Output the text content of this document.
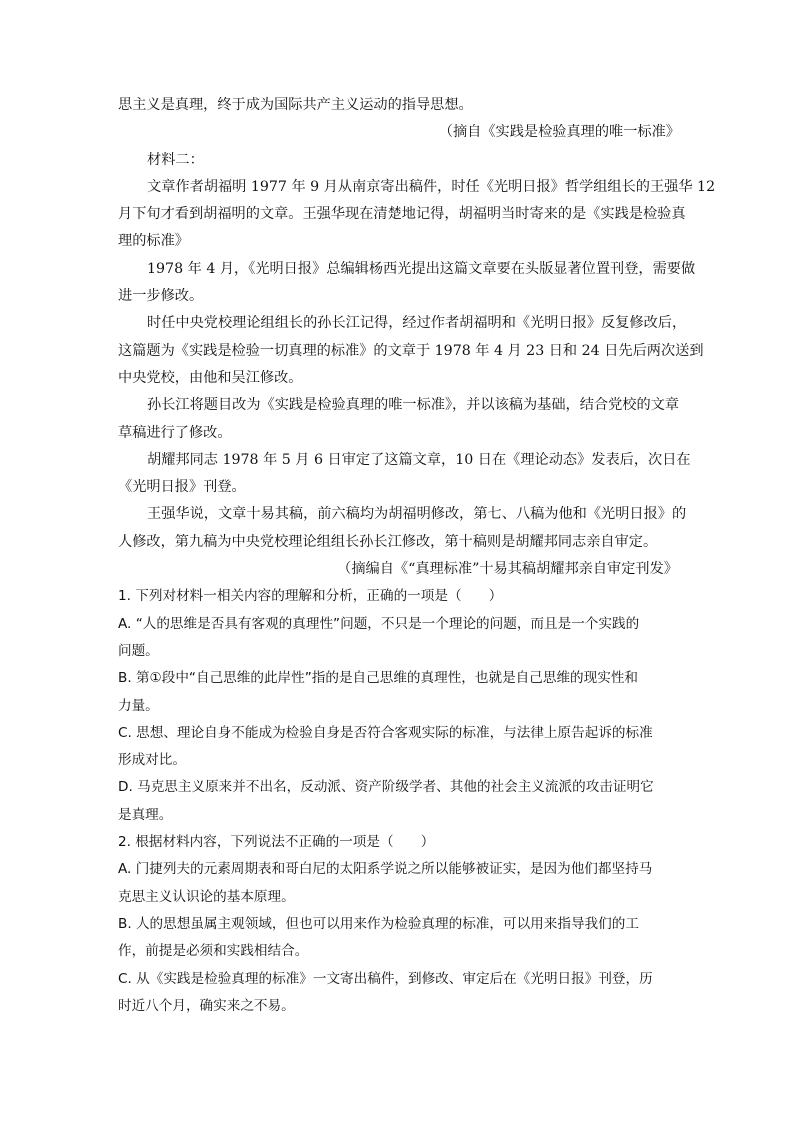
思主义是真理，终于成为国际共产主义运动的指导思想。
（摘自《实践是检验真理的唯一标准》
材料二：
文章作者胡福明 1977 年 9 月从南京寄出稿件，时任《光明日报》哲学组组长的王强华 12
月下旬才看到胡福明的文章。王强华现在清楚地记得，胡福明当时寄来的是《实践是检验真
理的标准》
1978 年 4 月，《光明日报》总编辑杨西光提出这篇文章要在头版显著位置刊登，需要做
进一步修改。
时任中央党校理论组组长的孙长江记得，经过作者胡福明和《光明日报》反复修改后，
这篇题为《实践是检验一切真理的标准》的文章于 1978 年 4 月 23 日和 24 日先后两次送到
中央党校，由他和吴江修改。
孙长江将题目改为《实践是检验真理的唯一标准》，并以该稿为基础，结合党校的文章
草稿进行了修改。
胡耀邦同志 1978 年 5 月 6 日审定了这篇文章，10 日在《理论动态》发表后，次日在
《光明日报》刊登。
王强华说，文章十易其稿，前六稿均为胡福明修改，第七、八稿为他和《光明日报》的
人修改，第九稿为中央党校理论组组长孙长江修改，第十稿则是胡耀邦同志亲自审定。
（摘编自《“真理标准”十易其稿胡耀邦亲自审定刊发》
1. 下列对材料一相关内容的理解和分析，正确的一项是（　　）
A. “人的思维是否具有客观的真理性”问题，不只是一个理论的问题，而且是一个实践的
问题。
B. 第①段中“自己思维的此岸性”指的是自己思维的真理性，也就是自己思维的现实性和
力量。
C. 思想、理论自身不能成为检验自身是否符合客观实际的标准，与法律上原告起诉的标准
形成对比。
D. 马克思主义原来并不出名，反动派、资产阶级学者、其他的社会主义流派的攻击证明它
是真理。
2. 根据材料内容，下列说法不正确的一项是（　　）
A. 门捷列夫的元素周期表和哥白尼的太阳系学说之所以能够被证实，是因为他们都坚持马
克思主义认识论的基本原理。
B. 人的思想虽属主观领域，但也可以用来作为检验真理的标准，可以用来指导我们的工
作，前提是必须和实践相结合。
C. 从《实践是检验真理的标准》一文寄出稿件，到修改、审定后在《光明日报》刊登，历
时近八个月，确实来之不易。
